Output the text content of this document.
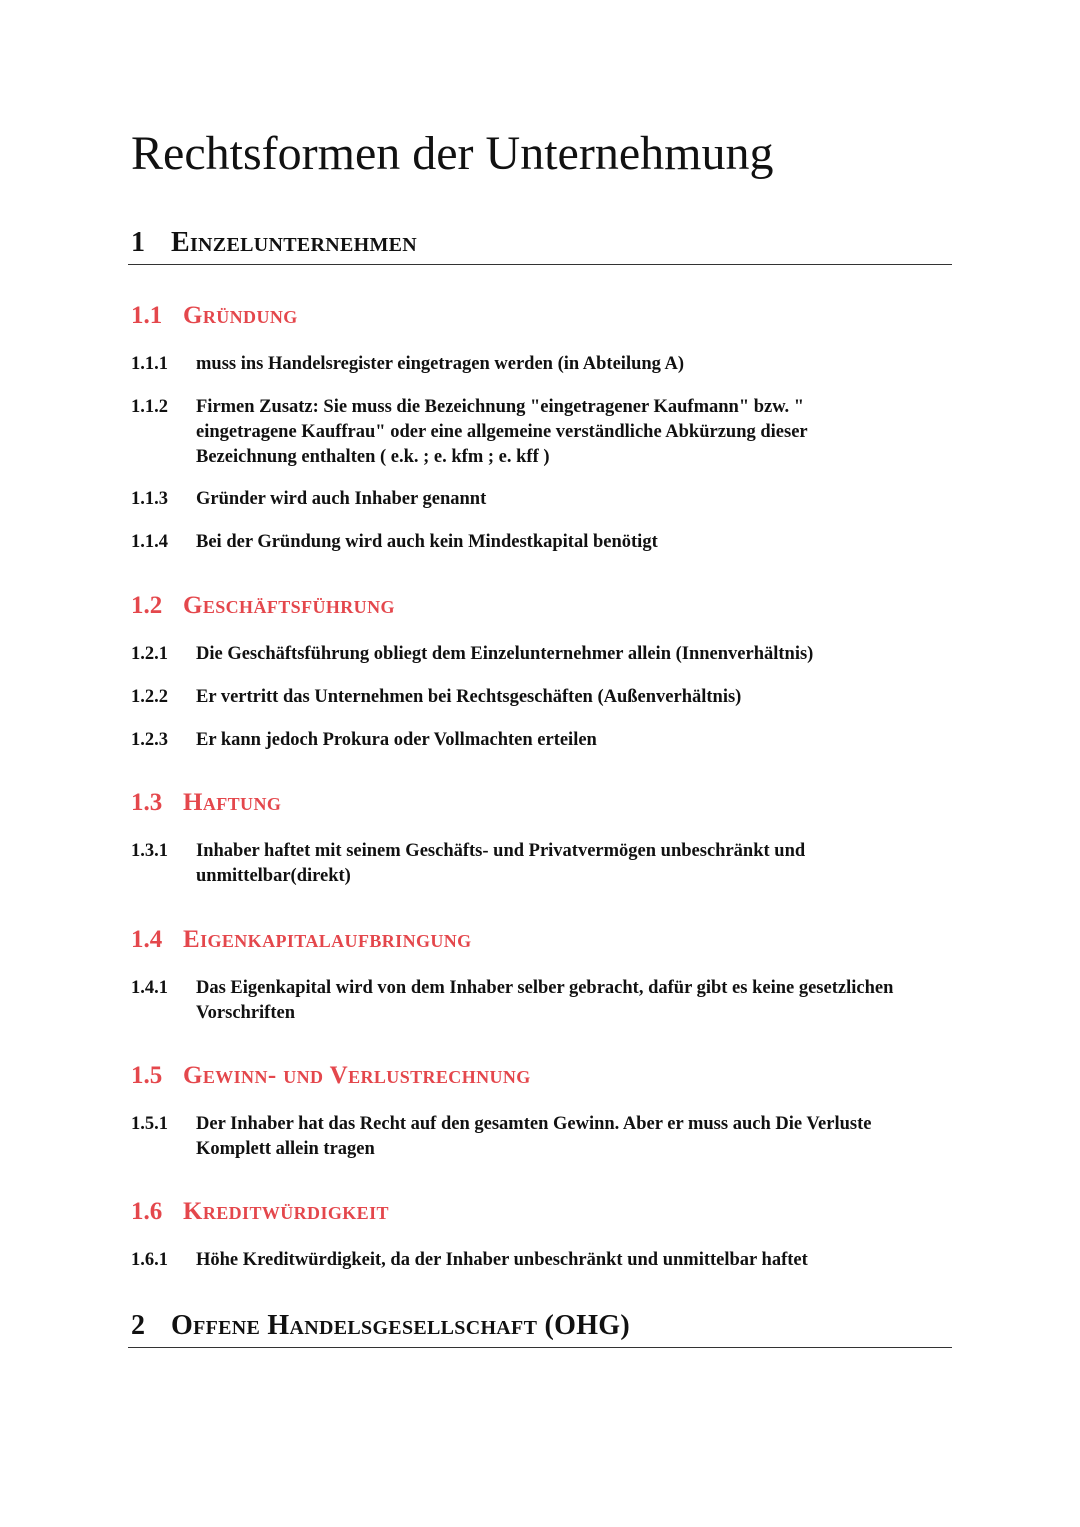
Rechtsformen der Unternehmung
1 Einzelunternehmen
1.1 Gründung
1.1.1	muss ins Handelsregister eingetragen werden (in Abteilung A)
1.1.2	Firmen Zusatz: Sie muss die Bezeichnung "eingetragener Kaufmann" bzw. " eingetragene Kauffrau" oder eine allgemeine verständliche Abkürzung dieser Bezeichnung enthalten ( e.k. ; e. kfm ; e. kff )
1.1.3	Gründer wird auch Inhaber genannt
1.1.4	Bei der Gründung wird auch kein Mindestkapital benötigt
1.2 Geschäftsführung
1.2.1	Die Geschäftsführung obliegt dem Einzelunternehmer allein (Innenverhältnis)
1.2.2	Er vertritt das Unternehmen bei Rechtsgeschäften (Außenverhältnis)
1.2.3	Er kann jedoch Prokura oder Vollmachten erteilen
1.3 Haftung
1.3.1	Inhaber haftet mit seinem Geschäfts- und Privatvermögen unbeschränkt und unmittelbar(direkt)
1.4 Eigenkapitalaufbringung
1.4.1	Das Eigenkapital wird von dem Inhaber selber gebracht, dafür gibt es keine gesetzlichen Vorschriften
1.5 Gewinn- und Verlustrechnung
1.5.1	Der Inhaber hat das Recht auf den gesamten Gewinn. Aber er muss auch Die Verluste Komplett allein tragen
1.6 Kreditwürdigkeit
1.6.1	Höhe Kreditwürdigkeit, da der Inhaber unbeschränkt und unmittelbar haftet
2 Offene Handelsgesellschaft (OHG)
